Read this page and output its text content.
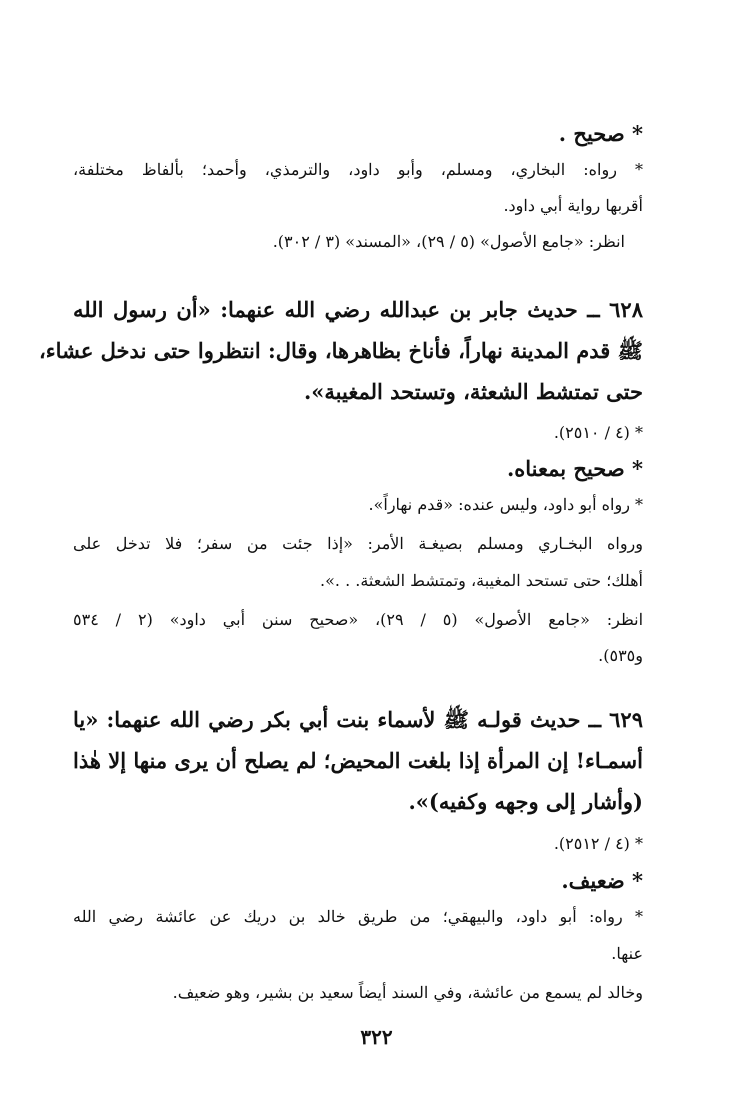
* صحيح .
* رواه: البخاري، ومسلم، وأبو داود، والترمذي، وأحمد؛ بألفاظ مختلفة،
أقربها رواية أبي داود.
انظر: «جامع الأصول» (٥ / ٢٩)، «المسند» (٣ / ٣٠٢).
٦٢٨ ــ حديث جابر بن عبدالله رضي الله عنهما: «أن رسول الله
ﷺ قدم المدينة نهاراً، فأناخ بظاهرها، وقال: انتظروا حتى ندخل عشاء،
حتى تمتشط الشعثة، وتستحد المغيبة».
* (٤ / ٢٥١٠).
* صحيح بمعناه.
* رواه أبو داود، وليس عنده: «قدم نهاراً».
ورواه البخـاري ومسلم بصيغـة الأمر: «إذا جئت من سفر؛ فلا تدخل على
أهلك؛ حتى تستحد المغيبة، وتمتشط الشعثة. . .».
انظر: «جامع الأصول» (٥ / ٢٩)، «صحيح سنن أبي داود» (٢ / ٥٣٤
و٥٣٥).
٦٢٩ ــ حديث قولـه ﷺ لأسماء بنت أبي بكر رضي الله عنهما: «يا
أسمـاء! إن المرأة إذا بلغت المحيض؛ لم يصلح أن يرى منها إلا هٰذا
(وأشار إلى وجهه وكفيه)».
* (٤ / ٢٥١٢).
* ضعيف.
* رواه: أبو داود، والبيهقي؛ من طريق خالد بن دريك عن عائشة رضي الله
عنها.
وخالد لم يسمع من عائشة، وفي السند أيضاً سعيد بن بشير، وهو ضعيف.
٣٢٢
